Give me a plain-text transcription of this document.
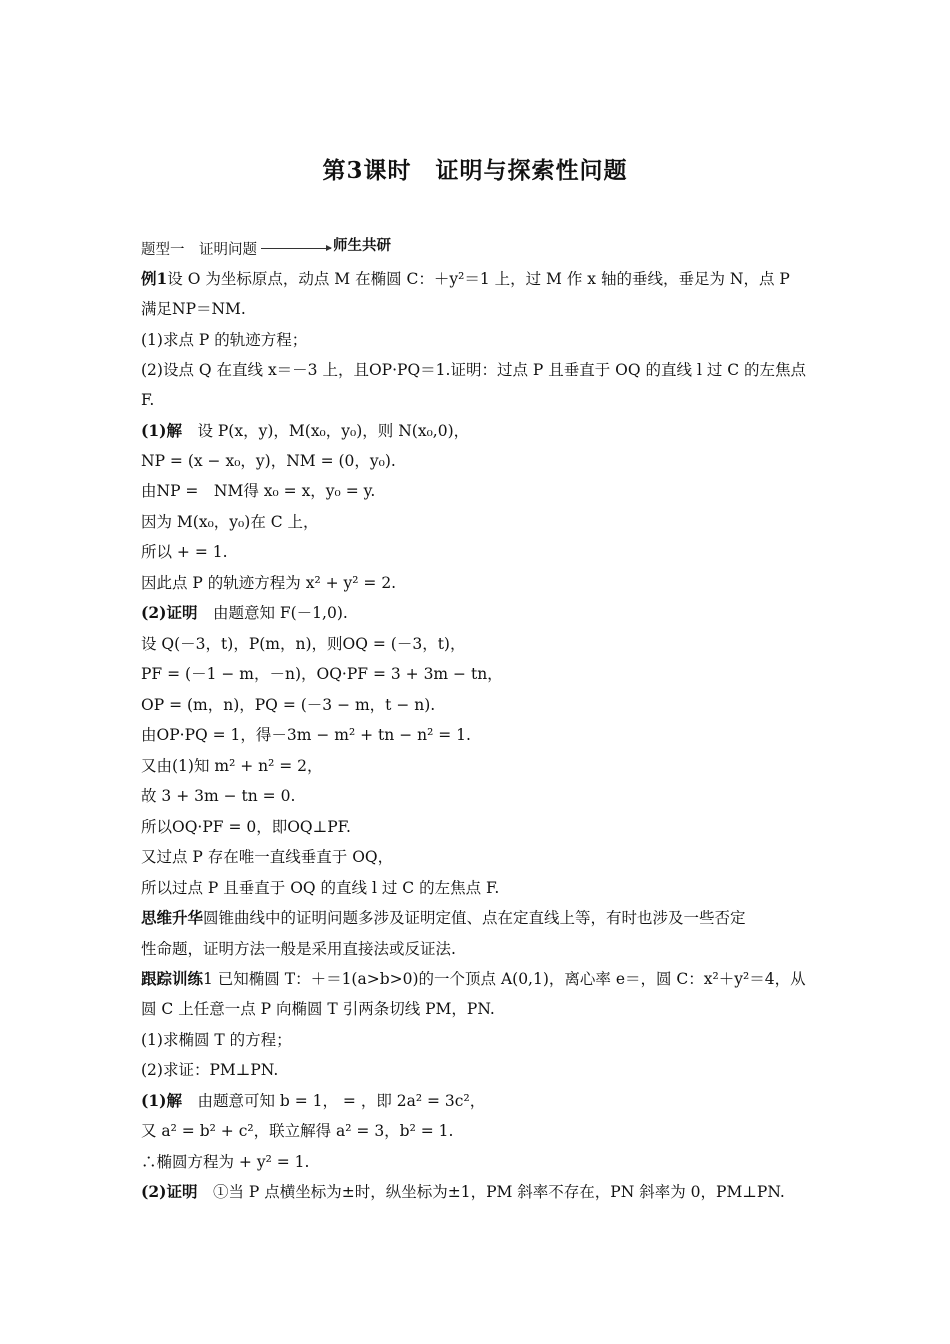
第3课时 证明与探索性问题
题型一　证明问题	师生共研
例1设 O 为坐标原点，动点 M 在椭圆 C：＋y²＝1 上，过 M 作 x 轴的垂线，垂足为 N，点 P
满足NP＝NM.
(1)求点 P 的轨迹方程；
(2)设点 Q 在直线 x＝－3 上，且OP·PQ＝1.证明：过点 P 且垂直于 OQ 的直线 l 过 C 的左焦点
F.
(1)解　设 P(x，y)，M(x₀，y₀)，则 N(x₀,0)，
NP = (x − x₀，y)，NM = (0，y₀).
由NP =　NM得 x₀ = x，y₀ = y.
因为 M(x₀，y₀)在 C 上，
所以 + = 1.
因此点 P 的轨迹方程为 x² + y² = 2.
(2)证明　由题意知 F(－1,0).
设 Q(－3，t)，P(m，n)，则OQ = (－3，t)，
PF = (－1 − m，－n)，OQ·PF = 3 + 3m − tn，
OP = (m，n)，PQ = (－3 − m，t − n).
由OP·PQ = 1，得－3m − m² + tn − n² = 1.
又由(1)知 m² + n² = 2，
故 3 + 3m − tn = 0.
所以OQ·PF = 0，即OQ⊥PF.
又过点 P 存在唯一直线垂直于 OQ，
所以过点 P 且垂直于 OQ 的直线 l 过 C 的左焦点 F.
思维升华圆锥曲线中的证明问题多涉及证明定值、点在定直线上等，有时也涉及一些否定
性命题，证明方法一般是采用直接法或反证法.
跟踪训练1 已知椭圆 T：＋＝1(a>b>0)的一个顶点 A(0,1)，离心率 e＝，圆 C：x²＋y²＝4，从
圆 C 上任意一点 P 向椭圆 T 引两条切线 PM，PN.
(1)求椭圆 T 的方程；
(2)求证：PM⊥PN.
(1)解　由题意可知 b = 1， = ，即 2a² = 3c²，
又 a² = b² + c²，联立解得 a² = 3，b² = 1.
∴椭圆方程为 + y² = 1.
(2)证明　①当 P 点横坐标为±时，纵坐标为±1，PM 斜率不存在，PN 斜率为 0，PM⊥PN.
